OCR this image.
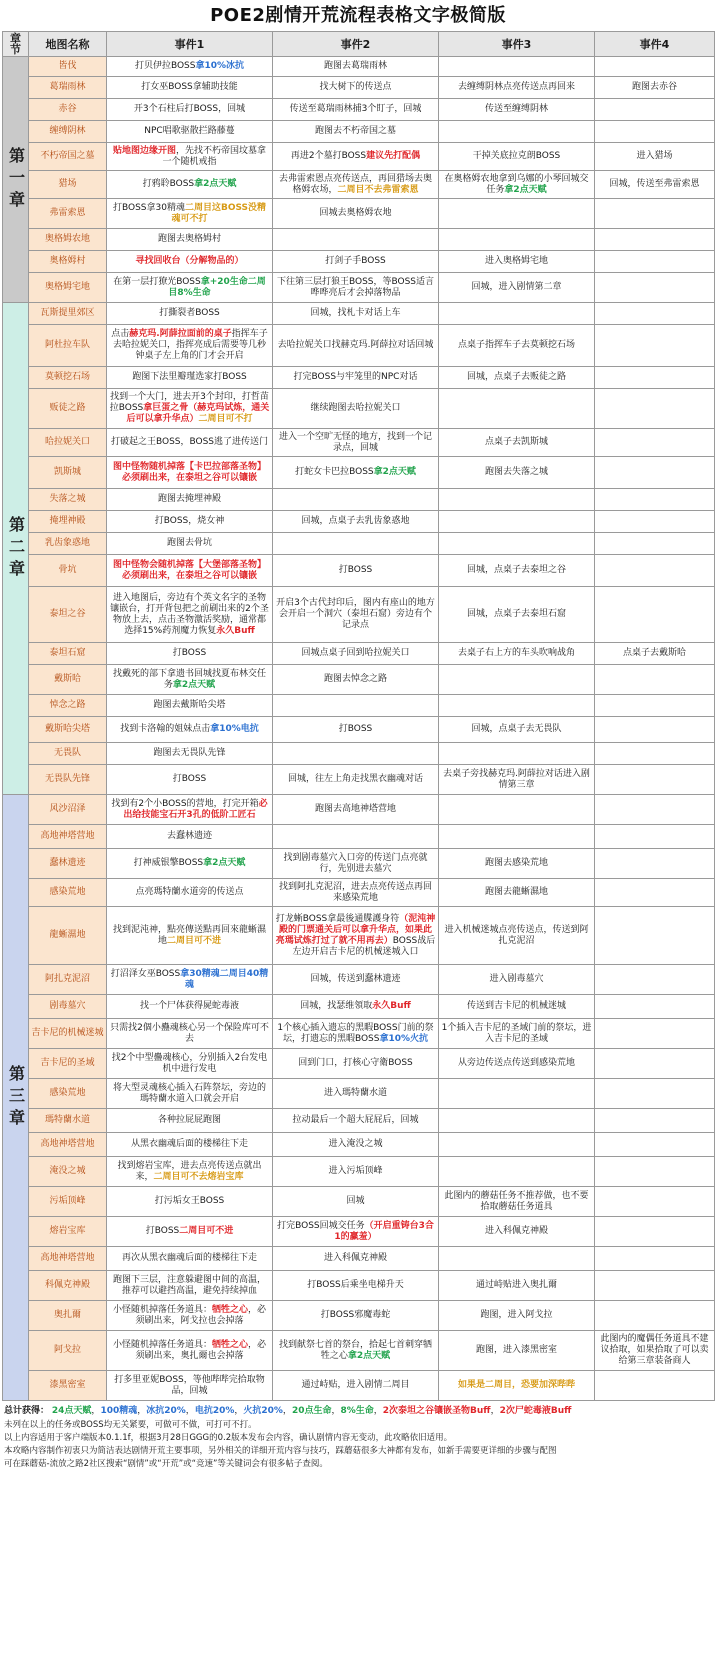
POE2剧情开荒流程表格文字极简版
章节	地图名称	事件1	事件2	事件3	事件4
第一章	皆伐	打贝伊拉BOSS拿10%冰抗	跑图去葛瑞雨林		
	葛瑞雨林	打女巫BOSS拿辅助技能	找大树下的传送点	去缠缚阴林点亮传送点再回来	跑图去赤谷
	赤谷	开3个石柱后打BOSS，回城	传送至葛瑞雨林捕3个盯子，回城	传送至缠缚阴林	
	缠缚阴林	NPC唱歌驱散拦路藤蔓	跑图去不朽帝国之墓		
	不朽帝国之墓	贴地图边缘开图，先找不朽帝国坟墓拿一个随机戒指	再进2个墓打BOSS建议先打配偶	干掉关底拉克朗BOSS	进入猎场
	猎场	打鸦聆BOSS拿2点天赋	去弗雷索恩点亮传送点，再回猎场去奥格姆农场，二周目不去弗雷索恩	在奥格姆农地拿到乌娜的小琴回城交任务拿2点天赋	回城，传送至弗雷索恩
	弗雷索恩	打BOSS拿30精魂二周目这BOSS没精魂可不打	回城去奥格姆农地		
	奥格姆农地	跑图去奥格姆村			
	奥格姆村	寻找回收台（分解物品的）	打剑子手BOSS	进入奥格姆宅地	
	奥格姆宅地	在第一层打獠光BOSS拿+20生命二周目8%生命	下往第三层打狼王BOSS，等BOSS适言哗哗亮后才会掉落物品	回城，进入剧情第二章	
第二章	瓦斯提里郊区	打撕裂者BOSS	回城，找札卡对话上车		
	阿杜拉车队	点击赫克玛.阿薛拉面前的桌子指挥车子去哈拉妮关口，指挥亮成后需要等几秒钟桌子左上角的门才会开启	去哈拉妮关口找赫克玛.阿薛拉对话回城	点桌子指挥车子去莫顿挖石场	
	莫顿挖石场	跑图下法里瓣瑾选家打BOSS	打完BOSS与牢笼里的NPC对话	回城，点桌子去贩徒之路	
	贩徒之路	找到一个大门，进去开3个封印，打哲苗拉BOSS拿巨蛋之骨（赫克玛试炼，通关后可以拿升华点）二周目可不打	继续跑图去哈拉妮关口		
	哈拉妮关口	打破起之王BOSS，BOSS逃了进传送门	进入一个空旷无怪的地方，找到一个记录点，回城	点桌子去凯斯城	
	凯斯城	图中怪物随机掉落【卡巴拉部落圣物】必须刷出来，在泰坦之谷可以镶嵌	打蛇女卡巴拉BOSS拿2点天赋	跑图去失落之城	
	失落之城	跑图去掩埋神殿			
	掩埋神殿	打BOSS，烧女神	回城，点桌子去乳齿象惑地		
	乳齿象惑地	跑图去骨坑			
	骨坑	图中怪物会随机掉落【大堡部落圣物】必须刷出来，在泰坦之谷可以镶嵌	打BOSS	回城，点桌子去泰坦之谷	
	泰坦之谷	进入地图后，旁边有个英文名字的圣物镶嵌台，打开背包把之前刷出来的2个圣物放上去，点击圣物激活奖励，通常都选择15%药剂魔力恢复永久Buff	开启3个古代封印后，图内有座山的地方会开启一个洞穴（泰坦石窟）旁边有个记录点	回城，点桌子去泰坦石窟	
	泰坦石窟	打BOSS	回城点桌子回到哈拉妮关口	去桌子右上方的车头吹响战角	点桌子去戴斯哈
	戴斯哈	找戴死的部下拿遗书回城找夏布林交任务拿2点天赋	跑图去悼念之路		
	悼念之路	跑图去戴斯哈尖塔			
	戴斯哈尖塔	找到卡洛翰的姐妹点击拿10%电抗	打BOSS	回城，点桌子去无畏队	
	无畏队	跑图去无畏队先锋			
	无畏队先锋	打BOSS	回城，往左上角走找黑衣幽魂对话	去桌子旁找赫克玛.阿薛拉对话进入剧情第三章	
第三章	风沙沼泽	找到有2个小BOSS的营地，打完开箱必出给技能宝石开3孔的低阶工匠石	跑图去高地神塔营地		
	高地神塔营地	去蠢林遗迹			
	蠢林遗迹	打神威银擎BOSS拿2点天赋	找到剧毒墓穴入口旁的传送门点亮就行，先别进去墓穴	跑图去感染荒地	
	感染荒地	点亮瑪特蘭水道旁的传送点	找到阿扎克泥沼，进去点亮传送点再回来感染荒地	跑图去龍蜥濕地	
	龍蜥濕地	找到泥沌神，點亮傳送點再回來龍蜥濕地二周目可不进	打龙蜥BOSS拿最後通牒護身符（泥沌神殿的门票通关后可以拿升华点，如果此亮瑪试炼打过了就不用再去）BOSS战后左边开启吉卡尼的机械迷城入口	进入机械迷城点亮传送点，传送到阿扎克泥沼	
	阿扎克泥沼	打沼泽女巫BOSS拿30精魂二周目40精魂	回城，传送到蠢林遗迹	进入剧毒墓穴	
	剧毒墓穴	找一个尸体获得屍蛇毒液	回城，找瑟维領取永久Buff	传送到吉卡尼的机械迷城	
	吉卡尼的机械迷城	只需找2個小蠱魂核心另一个保险库可不去	1个核心插入遗忘的黑暇BOSS门前的祭坛，打遗忘的黑暇BOSS拿10%火抗	1个插入吉卡尼的圣域门前的祭坛，进入吉卡尼的圣域	
	吉卡尼的圣域	找2个中型蠱魂核心，分别插入2台发电机中进行发电	回到门口，打核心守衛BOSS	从旁边传送点传送到感染荒地	
	感染荒地	将大型灵魂核心插入石阵祭坛，旁边的瑪特蘭水道入口就会开启	进入瑪特蘭水道		
	瑪特蘭水道	各种拉屁屁跑图	拉动最后一个超大屁屁后，回城		
	高地神塔营地	从黑衣幽魂后面的楼梯往下走	进入淹没之城		
	淹没之城	找到熔岩宝库，进去点亮传送点就出来，二周目可不去熔岩宝库	进入污垢顶峰		
	污垢顶峰	打污垢女王BOSS	回城	此图内的蘑菇任务不推荐做，也不要拾取蘑菇任务道具	
	熔岩宝库	打BOSS二周目可不进	打完BOSS回城交任务（开启重铸台3合1的赢羞）	进入科佩克神殿	
	高地神塔营地	再次从黑衣幽魂后面的楼梯往下走	进入科佩克神殿		
	科佩克神殿	跑图下三层，注意躲避图中间的高温，推荐可以避挡高温，避免持续掉血	打BOSS后乘坐电梯升天	通过峙贴进入奥扎爾	
	奥扎爾	小怪随机掉落任务道具：牺牲之心，必须刷出来，阿戈拉也会掉落	打BOSS邪魔毒蛇	跑图，进入阿戈拉	
	阿戈拉	小怪随机掉落任务道具：牺牲之心，必须刷出来，奥扎爾也会掉落	找到献祭七首的祭台，拾起七首刺穿牺牲之心拿2点天赋	跑图，进入漆黑密室	此图内的魔偶任务道具不建议拾取，如果拾取了可以卖给第三章装备商人
	漆黑密室	打多里亚妮BOSS，等他哔哔完拾取物品，回城	通过峙贴，进入剧情二周目	如果是二周目，恐要加深哔哔	
总计获得： 24点天赋，100精魂，冰抗20%，电抗20%，火抗20%，20点生命，8%生命，2次泰坦之谷镶嵌圣物Buff，2次尸蛇毒液Buff
未列在以上的任务或BOSS均无关紧要，可做可不做，可打可不打。
以上内容适用于客户端版本0.1.1f，根据3月28日GGG的0.2版本发布会内容，确认剧情内容无变动，此攻略依旧适用。
本攻略内容制作初衷只为简洁表达剧情开荒主要事项，另外相关的详细开荒内容与技巧，踩蘑菇很多大神都有发布，如新手需要更详细的步骤与配图
可在踩蘑菇-流放之路2社区搜索“剧情”或“开荒”或“竞速”等关键词会有很多帖子查阅。
